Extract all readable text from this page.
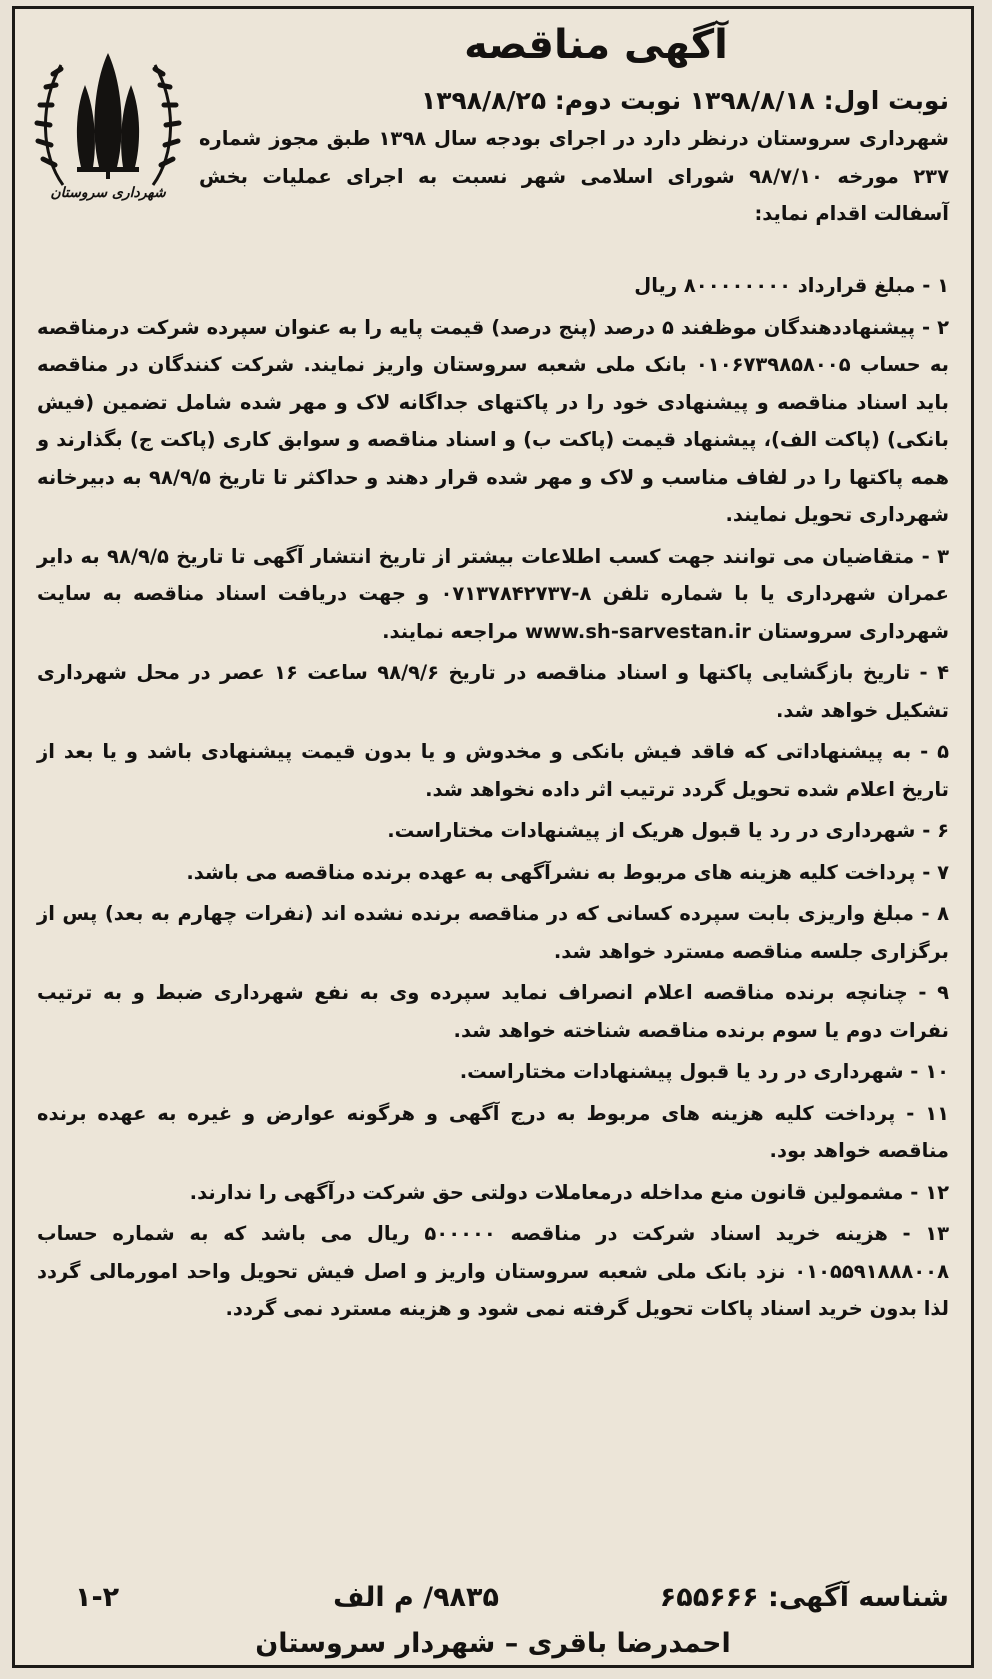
شهرداری سروستان
آگهی مناقصه
نوبت اول: ۱۳۹۸/۸/۱۸ نوبت دوم: ۱۳۹۸/۸/۲۵
شهرداری سروستان درنظر دارد در اجرای بودجه سال ۱۳۹۸ طبق مجوز شماره ۲۳۷ مورخه ۹۸/۷/۱۰ شورای اسلامی شهر نسبت به اجرای عملیات بخش آسفالت اقدام نماید:

۱ - مبلغ قرارداد ۸۰۰۰۰۰۰۰۰ ریال

۲ - پیشنهاددهندگان موظفند ۵ درصد (پنج درصد) قیمت پایه را به عنوان سپرده شرکت درمناقصه به حساب ۰۱۰۶۷۳۹۸۵۸۰۰۵ بانک ملی شعبه سروستان واریز نمایند. شرکت کنندگان در مناقصه باید اسناد مناقصه و پیشنهادی خود را در پاکتهای جداگانه لاک و مهر شده شامل تضمین (فیش بانکی) (پاکت الف)، پیشنهاد قیمت (پاکت ب) و اسناد مناقصه و سوابق کاری (پاکت ج) بگذارند و همه پاکتها را در لفاف مناسب و لاک و مهر شده قرار دهند و حداکثر تا تاریخ ۹۸/۹/۵ به دبیرخانه شهرداری تحویل نمایند.

۳ - متقاضیان می توانند جهت کسب اطلاعات بیشتر از تاریخ انتشار آگهی تا تاریخ ۹۸/۹/۵ به دایر عمران شهرداری یا با شماره تلفن ۸-۰۷۱۳۷۸۴۲۷۳۷ و جهت دریافت اسناد مناقصه به سایت شهرداری سروستان www.sh-sarvestan.ir مراجعه نمایند.

۴ - تاریخ بازگشایی پاکتها و اسناد مناقصه در تاریخ ۹۸/۹/۶ ساعت ۱۶ عصر در محل شهرداری تشکیل خواهد شد.

۵ - به پیشنهاداتی که فاقد فیش بانکی و مخدوش و یا بدون قیمت پیشنهادی باشد و یا بعد از تاریخ اعلام شده تحویل گردد ترتیب اثر داده نخواهد شد.

۶ - شهرداری در رد یا قبول هریک از پیشنهادات مختاراست.

۷ - پرداخت کلیه هزینه های مربوط به نشرآگهی به عهده برنده مناقصه می باشد.

۸ - مبلغ واریزی بابت سپرده کسانی که در مناقصه برنده نشده اند (نفرات چهارم به بعد) پس از برگزاری جلسه مناقصه مسترد خواهد شد.

۹ - چنانچه برنده مناقصه اعلام انصراف نماید سپرده وی به نفع شهرداری ضبط و به ترتیب نفرات دوم یا سوم برنده مناقصه شناخته خواهد شد.

۱۰ - شهرداری در رد یا قبول پیشنهادات مختاراست.

۱۱ - پرداخت کلیه هزینه های مربوط به درج آگهی و هرگونه عوارض و غیره به عهده برنده مناقصه خواهد بود.

۱۲ - مشمولین قانون منع مداخله درمعاملات دولتی حق شرکت درآگهی را ندارند.

۱۳ - هزینه خرید اسناد شرکت در مناقصه ۵۰۰۰۰۰ ریال می باشد که به شماره حساب ۰۱۰۵۵۹۱۸۸۸۰۰۸ نزد بانک ملی شعبه سروستان واریز و اصل فیش تحویل واحد امورمالی گردد لذا بدون خرید اسناد پاکات تحویل گرفته نمی شود و هزینه مسترد نمی گردد.

شناسه آگهی: ۶۵۵۶۶۶
۹۸۳۵/ م الف
۱-۲
احمدرضا باقری – شهردار سروستان
